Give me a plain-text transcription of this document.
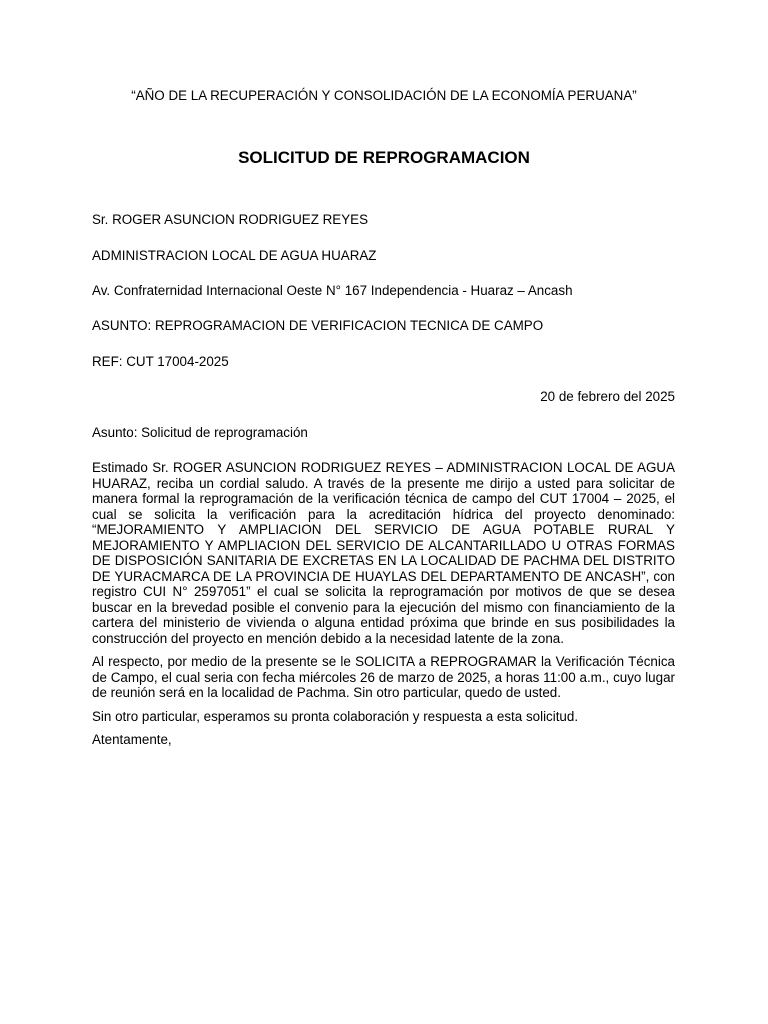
“AÑO DE LA RECUPERACIÓN Y CONSOLIDACIÓN DE LA ECONOMÍA PERUANA”
SOLICITUD DE REPROGRAMACION
Sr. ROGER ASUNCION RODRIGUEZ REYES
ADMINISTRACION LOCAL DE AGUA HUARAZ
Av. Confraternidad Internacional Oeste N° 167 Independencia - Huaraz – Ancash
ASUNTO: REPROGRAMACION DE VERIFICACION TECNICA DE CAMPO
REF: CUT 17004-2025
20 de febrero del 2025
Asunto: Solicitud de reprogramación

Estimado Sr. ROGER ASUNCION RODRIGUEZ REYES – ADMINISTRACION LOCAL DE AGUA HUARAZ, reciba un cordial saludo. A través de la presente me dirijo a usted para solicitar de manera formal la reprogramación de la verificación técnica de campo del CUT 17004 – 2025, el cual se solicita la verificación para la acreditación hídrica del proyecto denominado: “MEJORAMIENTO Y AMPLIACION DEL SERVICIO DE AGUA POTABLE RURAL Y MEJORAMIENTO Y AMPLIACION DEL SERVICIO DE ALCANTARILLADO U OTRAS FORMAS DE DISPOSICIÓN SANITARIA DE EXCRETAS EN LA LOCALIDAD DE PACHMA DEL DISTRITO DE YURACMARCA DE LA PROVINCIA DE HUAYLAS DEL DEPARTAMENTO DE ANCASH”, con registro CUI N° 2597051” el cual se solicita la reprogramación por motivos de que se desea buscar en la brevedad posible el convenio para la ejecución del mismo con financiamiento de la cartera del ministerio de vivienda o alguna entidad próxima que brinde en sus posibilidades la construcción del proyecto en mención debido a la necesidad latente de la zona.

Al respecto, por medio de la presente se le SOLICITA a REPROGRAMAR la Verificación Técnica de Campo, el cual seria con fecha miércoles 26 de marzo de 2025, a horas 11:00 a.m., cuyo lugar de reunión será en la localidad de Pachma. Sin otro particular, quedo de usted.

Sin otro particular, esperamos su pronta colaboración y respuesta a esta solicitud.

Atentamente,
